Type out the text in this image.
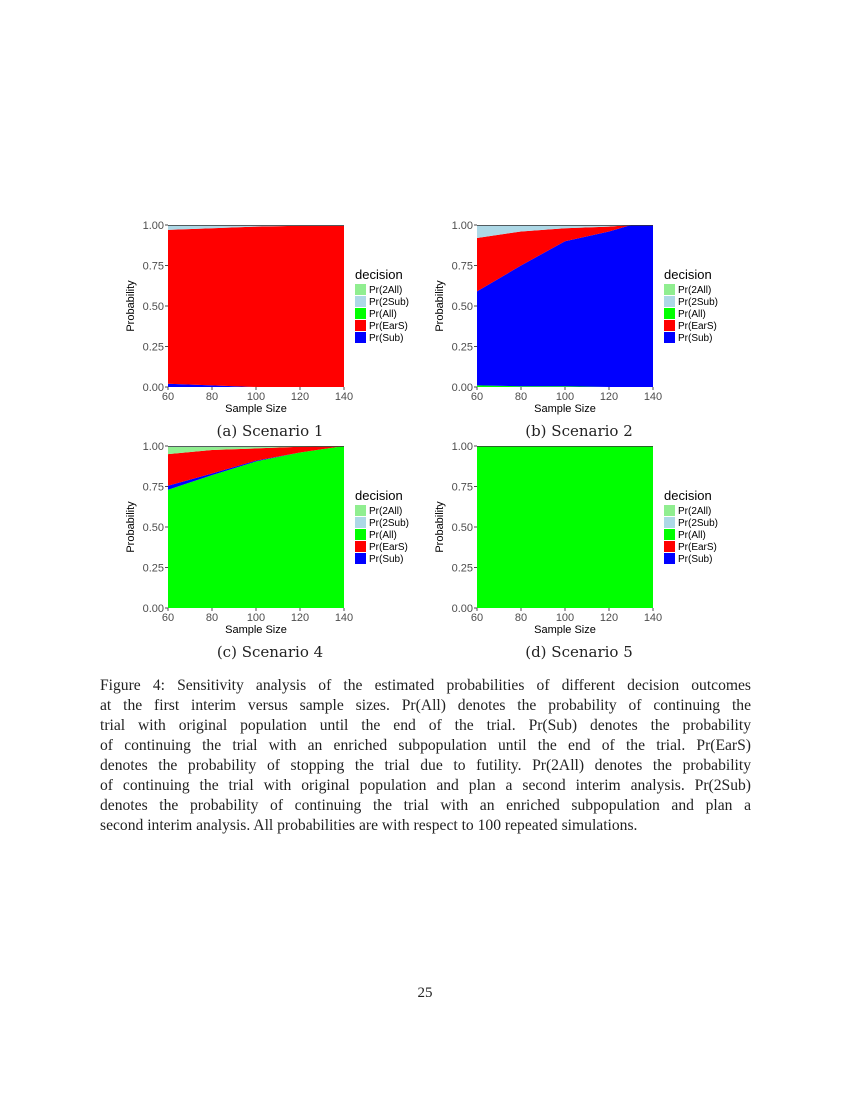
0.00
0.25
0.50
0.75
1.00
60	80	100 120 140
Sample Size
Probability
decision
Pr(2All)
Pr(2Sub)
Pr(All)
Pr(EarS)
Pr(Sub)
(a) Scenario 1
0.00
0.25
0.50
0.75
1.00
60	80	100 120 140
Sample Size
Probability
decision
Pr(2All)
Pr(2Sub)
Pr(All)
Pr(EarS)
Pr(Sub)
(b) Scenario 2
0.00
0.25
0.50
0.75
1.00
60	80	100 120 140
Sample Size
Probability
decision
Pr(2All)
Pr(2Sub)
Pr(All)
Pr(EarS)
Pr(Sub)
(c) Scenario 4
0.00
0.25
0.50
0.75
1.00
60	80	100 120 140
Sample Size
Probability
decision
Pr(2All)
Pr(2Sub)
Pr(All)
Pr(EarS)
Pr(Sub)
(d) Scenario 5
Figure 4: Sensitivity analysis of the estimated probabilities of different decision outcomes
at the first interim versus sample sizes. Pr(All) denotes the probability of continuing the
trial with original population until the end of the trial. Pr(Sub) denotes the probability
of continuing the trial with an enriched subpopulation until the end of the trial. Pr(EarS)
denotes the probability of stopping the trial due to futility. Pr(2All) denotes the probability
of continuing the trial with original population and plan a second interim analysis. Pr(2Sub)
denotes the probability of continuing the trial with an enriched subpopulation and plan a
second interim analysis. All probabilities are with respect to 100 repeated simulations.
25
